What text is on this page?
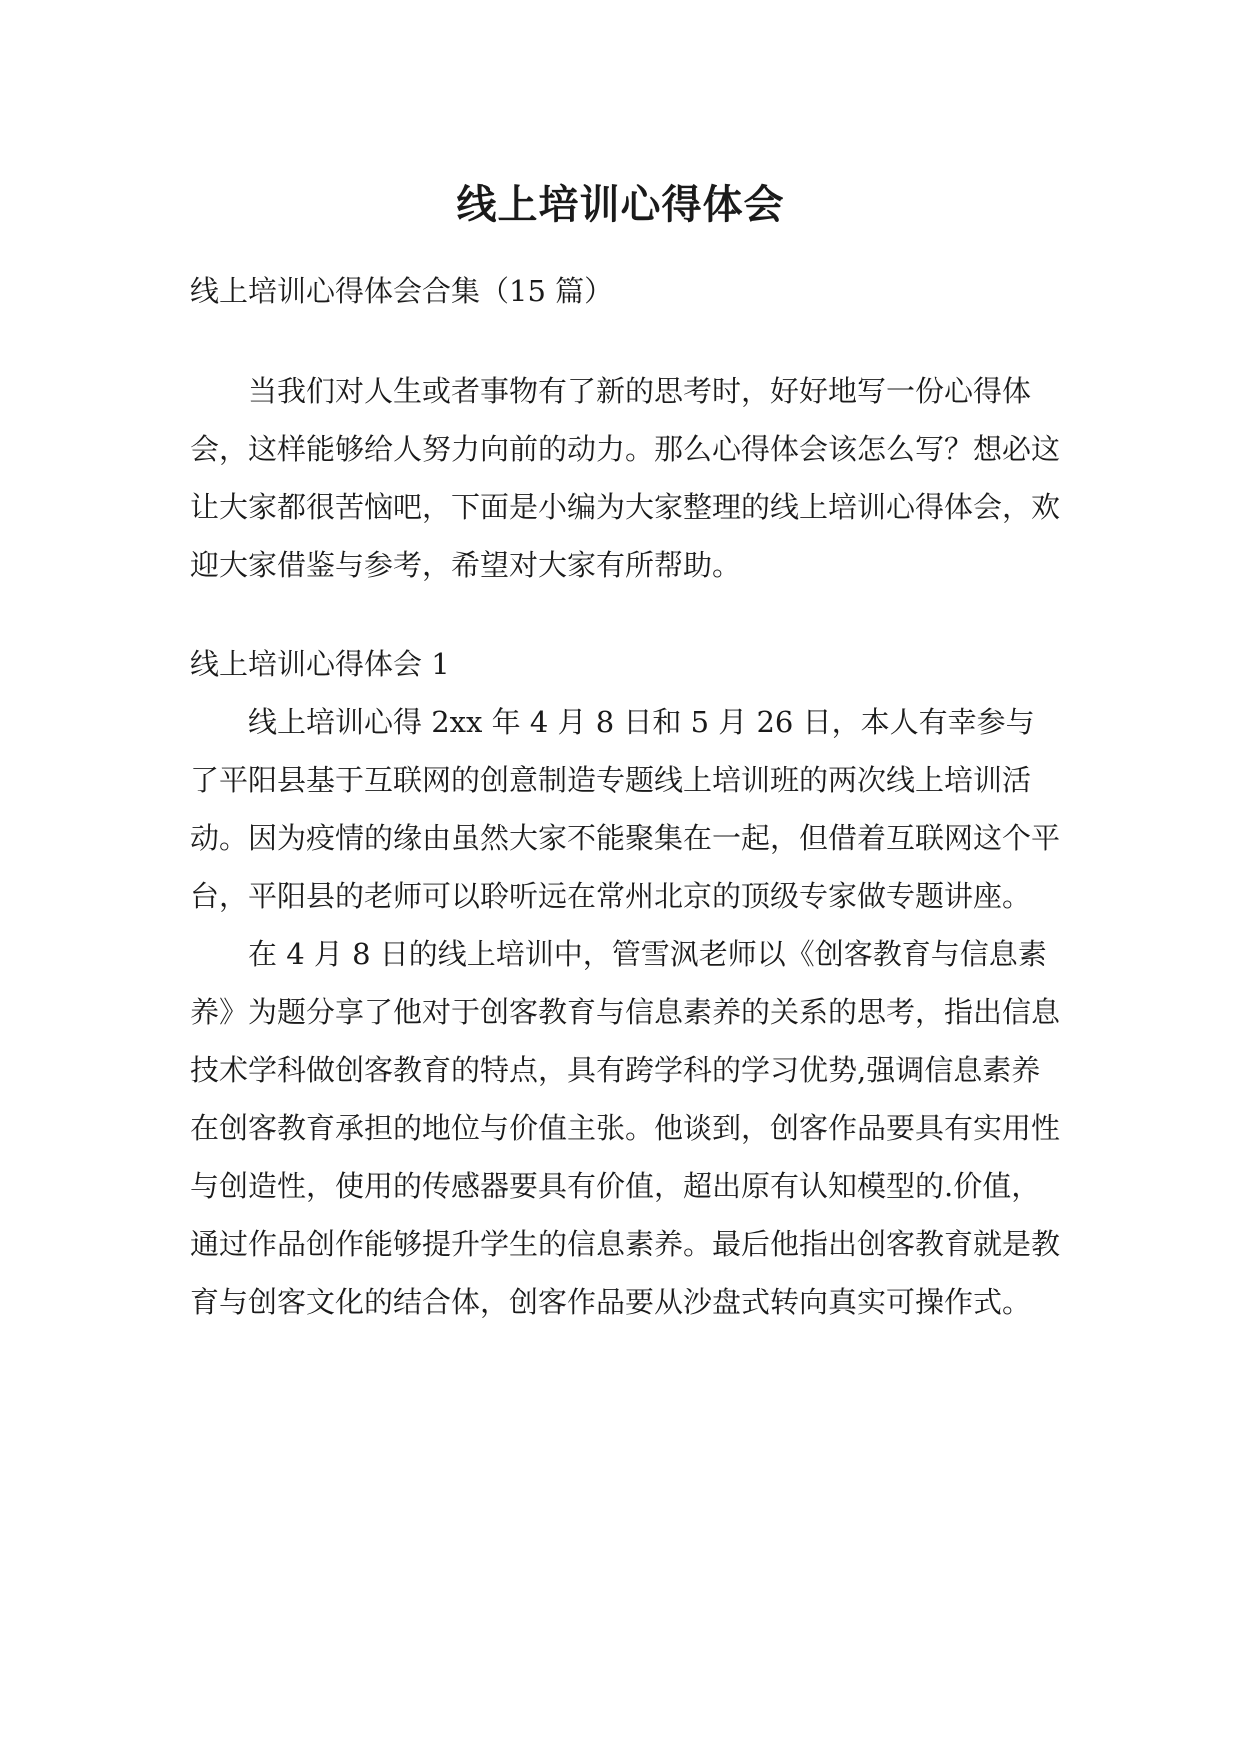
线上培训心得体会

线上培训心得体会合集（15 篇）

当我们对人生或者事物有了新的思考时，好好地写一份心得体会，这样能够给人努力向前的动力。那么心得体会该怎么写？想必这让大家都很苦恼吧，下面是小编为大家整理的线上培训心得体会，欢迎大家借鉴与参考，希望对大家有所帮助。

线上培训心得体会 1

线上培训心得 2xx 年 4 月 8 日和 5 月 26 日，本人有幸参与了平阳县基于互联网的创意制造专题线上培训班的两次线上培训活动。因为疫情的缘由虽然大家不能聚集在一起，但借着互联网这个平台，平阳县的老师可以聆听远在常州北京的顶级专家做专题讲座。

在 4 月 8 日的线上培训中，管雪沨老师以《创客教育与信息素养》为题分享了他对于创客教育与信息素养的关系的思考，指出信息技术学科做创客教育的特点，具有跨学科的学习优势,强调信息素养在创客教育承担的地位与价值主张。他谈到，创客作品要具有实用性与创造性，使用的传感器要具有价值，超出原有认知模型的.价值，通过作品创作能够提升学生的信息素养。最后他指出创客教育就是教育与创客文化的结合体，创客作品要从沙盘式转向真实可操作式。
